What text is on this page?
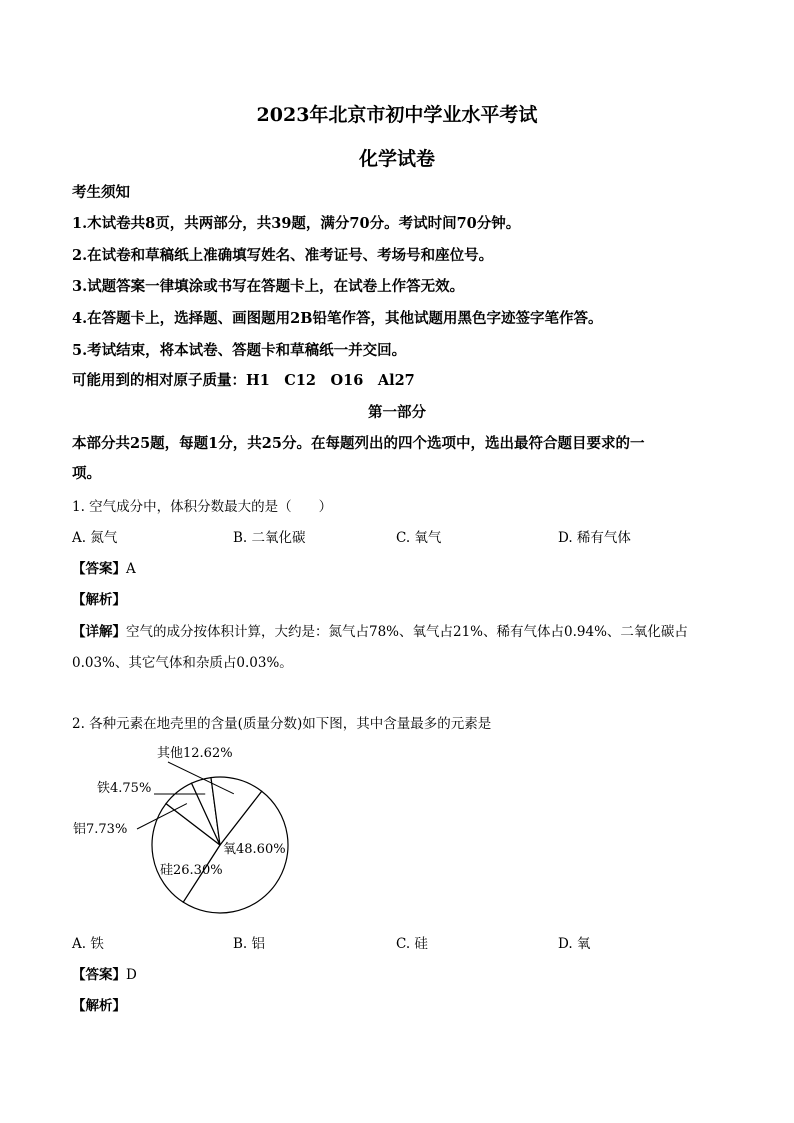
2023年北京市初中学业水平考试
化学试卷
考生须知
1.木试卷共8页，共两部分，共39题，满分70分。考试时间70分钟。
2.在试卷和草稿纸上准确填写姓名、准考证号、考场号和座位号。
3.试题答案一律填涂或书写在答题卡上，在试卷上作答无效。
4.在答题卡上，选择题、画图题用2B铅笔作答，其他试题用黑色字迹签字笔作答。
5.考试结束，将本试卷、答题卡和草稿纸一并交回。
可能用到的相对原子质量：H1　C12　O16　Al27
第一部分
本部分共25题，每题1分，共25分。在每题列出的四个选项中，选出最符合题目要求的一
项。
1. 空气成分中，体积分数最大的是（　　）
A. 氮气	B. 二氧化碳	C. 氧气	D. 稀有气体
【答案】A
【解析】
【详解】空气的成分按体积计算，大约是：氮气占78%、氧气占21%、稀有气体占0.94%、二氧化碳占
0.03%、其它气体和杂质占0.03%。
2. 各种元素在地壳里的含量(质量分数)如下图，其中含量最多的元素是
氧48.60%
硅26.30%
铝7.73%
铁4.75%
其他12.62%
A. 铁	B. 铝	C. 硅	D. 氧
【答案】D
【解析】
